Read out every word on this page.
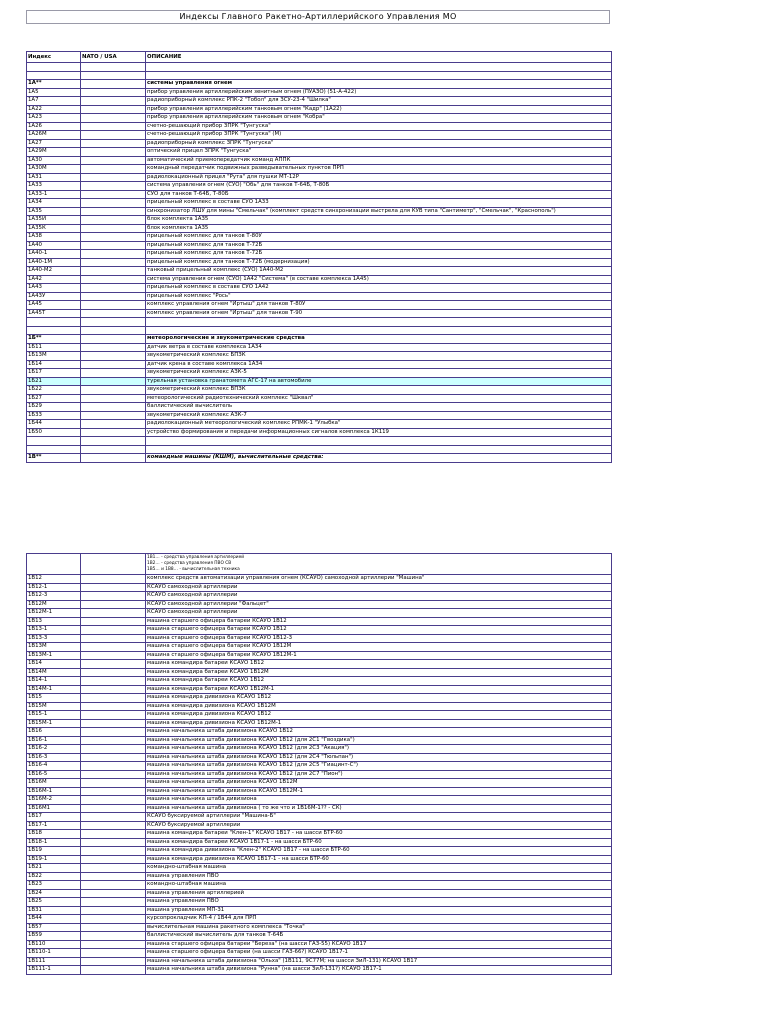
Индексы Главного Ракетно-Артиллерийского Управления МО
Индекс	NATO / USA	ОПИСАНИЕ

1А**		системы управления огнем
1А5		прибор управления артиллерийским зенитным огнем (ПУАЗО) (51-А-422)
1А7		радиоприборный комплекс РПК-2 "Тобол" для ЗСУ-23-4 "Шилка"
1А22		прибор управления артиллерийским танковым огнем "Кадр" (1А22)
1А23		прибор управления артиллерийским танковым огнем "Кобра"
1А26		счетно-решающий прибор ЗПРК "Тунгуска"
1А26М		счетно-решающий прибор ЗПРК "Тунгуска" (М)
1А27		радиоприборный комплекс ЗПРК "Тунгуска"
1А29М		оптический прицел ЗПРК "Тунгуска"
1А30		автоматический приемопередатчик команд АППК
1А30М		командный передатчик подвижных разведывательных пунктов ПРП
1А31		радиолокационный прицел "Рута" для пушки МТ-12Р
1А33		система управления огнем (СУО) "Обь" для танков Т-64Б, Т-80Б
1А33-1		СУО для танков Т-64Б, Т-80Б
1А34		прицельный комплекс в составе СУО 1А33
1А35		синхронизатор ЛШУ для мины "Смельчак" (комплект средств синхронизации выстрела для КУВ типа "Сантиметр", "Смельчак", "Краснополь")
1А35И		блок комплекта 1А35
1А35К		блок комплекта 1А35
1А38		прицельный комплекс для танков Т-80У
1А40		прицельный комплекс для танков Т-72Б
1А40-1		прицельный комплекс для танков Т-72Б
1А40-1М		прицельный комплекс для танков Т-72Б (модернизация)
1А40-М2		танковый прицельный комплекс (СУО) 1А40-М2
1А42		система управления огнем (СУО) 1А42 "Система" (в составе комплекса 1А45)
1А43		прицельный комплекс в составе СУО 1А42
1А43У		прицельный комплекс "Рось"
1А45		комплекс управления огнем "Иртыш" для танков Т-80У
1А45Т		комплекс управления огнем "Иртыш" для танков Т-90

1Б**		метеорологические и звукометрические средства
1Б11		датчик ветра в составе комплекса 1А34
1Б13М		звукометрический комплекс БПЗК
1Б14		датчик крена в составе комплекса 1А34
1Б17		звукометрический комплекс АЗК-5
1Б21		турельная установка гранатомета АГС-17 на автомобиле
1Б22		звукометрический комплекс ВПЗК
1Б27		метеорологический радиотехнический комплекс "Шквал"
1Б29		баллистический вычислитель
1Б33		звукометрический комплекс АЗК-7
1Б44		радиолокационный метеорологический комплекс РПМК-1 "Улыбка"
1Б50		устройство формирования и передачи информационных сигналов комплекса 1К119

1В**		командные машины (КШМ), вычислительные средства:

		1В1… - средства управления артиллерией
1В2… - средства управления ПВО СВ
1В5… и 1В8… - вычислительная техника

1В12		комплекс средств автоматизации управления огнем (КСАУО) самоходной артиллерии "Машина"
1В12-1		КСАУО самоходной артиллерии
1В12-3		КСАУО самоходной артиллерии
1В12М		КСАУО самоходной артиллерии "Фальцет"
1В12М-1		КСАУО самоходной артиллерии
1В13		машина старшего офицера батареи КСАУО 1В12
1В13-1		машина старшего офицера батареи КСАУО 1В12
1В13-3		машина старшего офицера батареи КСАУО 1В12-3
1В13М		машина старшего офицера батареи КСАУО 1В12М
1В13М-1		машина старшего офицера батареи КСАУО 1В12М-1
1В14		машина командира батареи КСАУО 1В12
1В14М		машина командира батареи КСАУО 1В12М
1В14-1		машина командира батареи КСАУО 1В12
1В14М-1		машина командира батареи КСАУО 1В12М-1
1В15		машина командира дивизиона КСАУО 1В12
1В15М		машина командира дивизиона КСАУО 1В12М
1В15-1		машина командира дивизиона КСАУО 1В12
1В15М-1		машина командира дивизиона КСАУО 1В12М-1
1В16		машина начальника штаба дивизиона КСАУО 1В12
1В16-1		машина начальника штаба дивизиона КСАУО 1В12 (для 2С1 "Гвоздика")
1В16-2		машина начальника штаба дивизиона КСАУО 1В12 (для 2С3 "Акация")
1В16-3		машина начальника штаба дивизиона КСАУО 1В12 (для 2С4 "Тюльпан")
1В16-4		машина начальника штаба дивизиона КСАУО 1В12 (для 2С5 "Гиацинт-С")
1В16-5		машина начальника штаба дивизиона КСАУО 1В12 (для 2С7 "Пион")
1В16М		машина начальника штаба дивизиона КСАУО 1В12М
1В16М-1		машина начальника штаба дивизиона КСАУО 1В12М-1
1В16М-2		машина начальника штаба дивизиона
1В16М1		машина начальника штаба дивизиона ( то же что и 1В16М-1?? - СК)
1В17		КСАУО буксируемой артиллерии "Машина-Б"
1В17-1		КСАУО буксируемой артиллерии
1В18		машина командира батареи "Клен-1" КСАУО 1В17 - на шасси БТР-60
1В18-1		машина командира батареи КСАУО 1В17-1 - на шасси БТР-60
1В19		машина командира дивизиона "Клен-2" КСАУО 1В17 - на шасси БТР-60
1В19-1		машина командира дивизиона КСАУО 1В17-1 - на шасси БТР-60
1В21		командно-штабная машина
1В22		машина управления ПВО
1В23		командно-штабная машина
1В24		машина управления артиллерией
1В25		машина управления ПВО
1В31		машина управления МП-31
1В44		курсопрокладчик КП-4 / 1В44 для ПРП
1В57		вычислительная машина ракетного комплекса "Точка"
1В59		баллистический вычислитель для танков Т-64Б
1В110		машина старшего офицера батареи "Береза" (на шасси ГАЗ-55) КСАУО 1В17
1В110-1		машина старшего офицера батареи (на шасси ГАЗ-66?) КСАУО 1В17-1
1В111		машина начальника штаба дивизиона "Ольха" (1В111, 9С77М; на шасси ЗиЛ-131) КСАУО 1В17
1В111-1		машина начальника штаба дивизиона "Рунна" (на шасси ЗиЛ-131?) КСАУО 1В17-1
